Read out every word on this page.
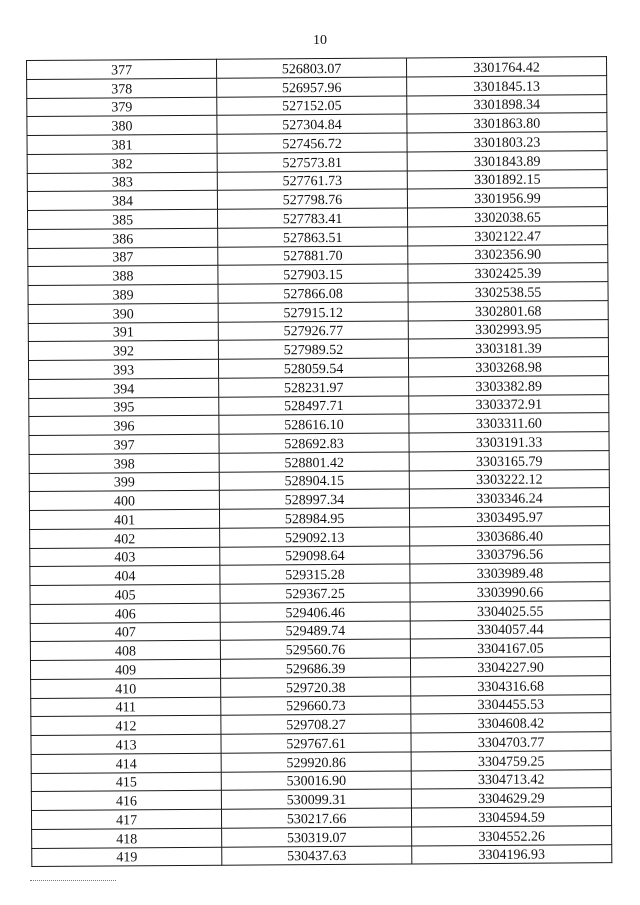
10
377	526803.07	3301764.42
378	526957.96	3301845.13
379	527152.05	3301898.34
380	527304.84	3301863.80
381	527456.72	3301803.23
382	527573.81	3301843.89
383	527761.73	3301892.15
384	527798.76	3301956.99
385	527783.41	3302038.65
386	527863.51	3302122.47
387	527881.70	3302356.90
388	527903.15	3302425.39
389	527866.08	3302538.55
390	527915.12	3302801.68
391	527926.77	3302993.95
392	527989.52	3303181.39
393	528059.54	3303268.98
394	528231.97	3303382.89
395	528497.71	3303372.91
396	528616.10	3303311.60
397	528692.83	3303191.33
398	528801.42	3303165.79
399	528904.15	3303222.12
400	528997.34	3303346.24
401	528984.95	3303495.97
402	529092.13	3303686.40
403	529098.64	3303796.56
404	529315.28	3303989.48
405	529367.25	3303990.66
406	529406.46	3304025.55
407	529489.74	3304057.44
408	529560.76	3304167.05
409	529686.39	3304227.90
410	529720.38	3304316.68
411	529660.73	3304455.53
412	529708.27	3304608.42
413	529767.61	3304703.77
414	529920.86	3304759.25
415	530016.90	3304713.42
416	530099.31	3304629.29
417	530217.66	3304594.59
418	530319.07	3304552.26
419	530437.63	3304196.93
